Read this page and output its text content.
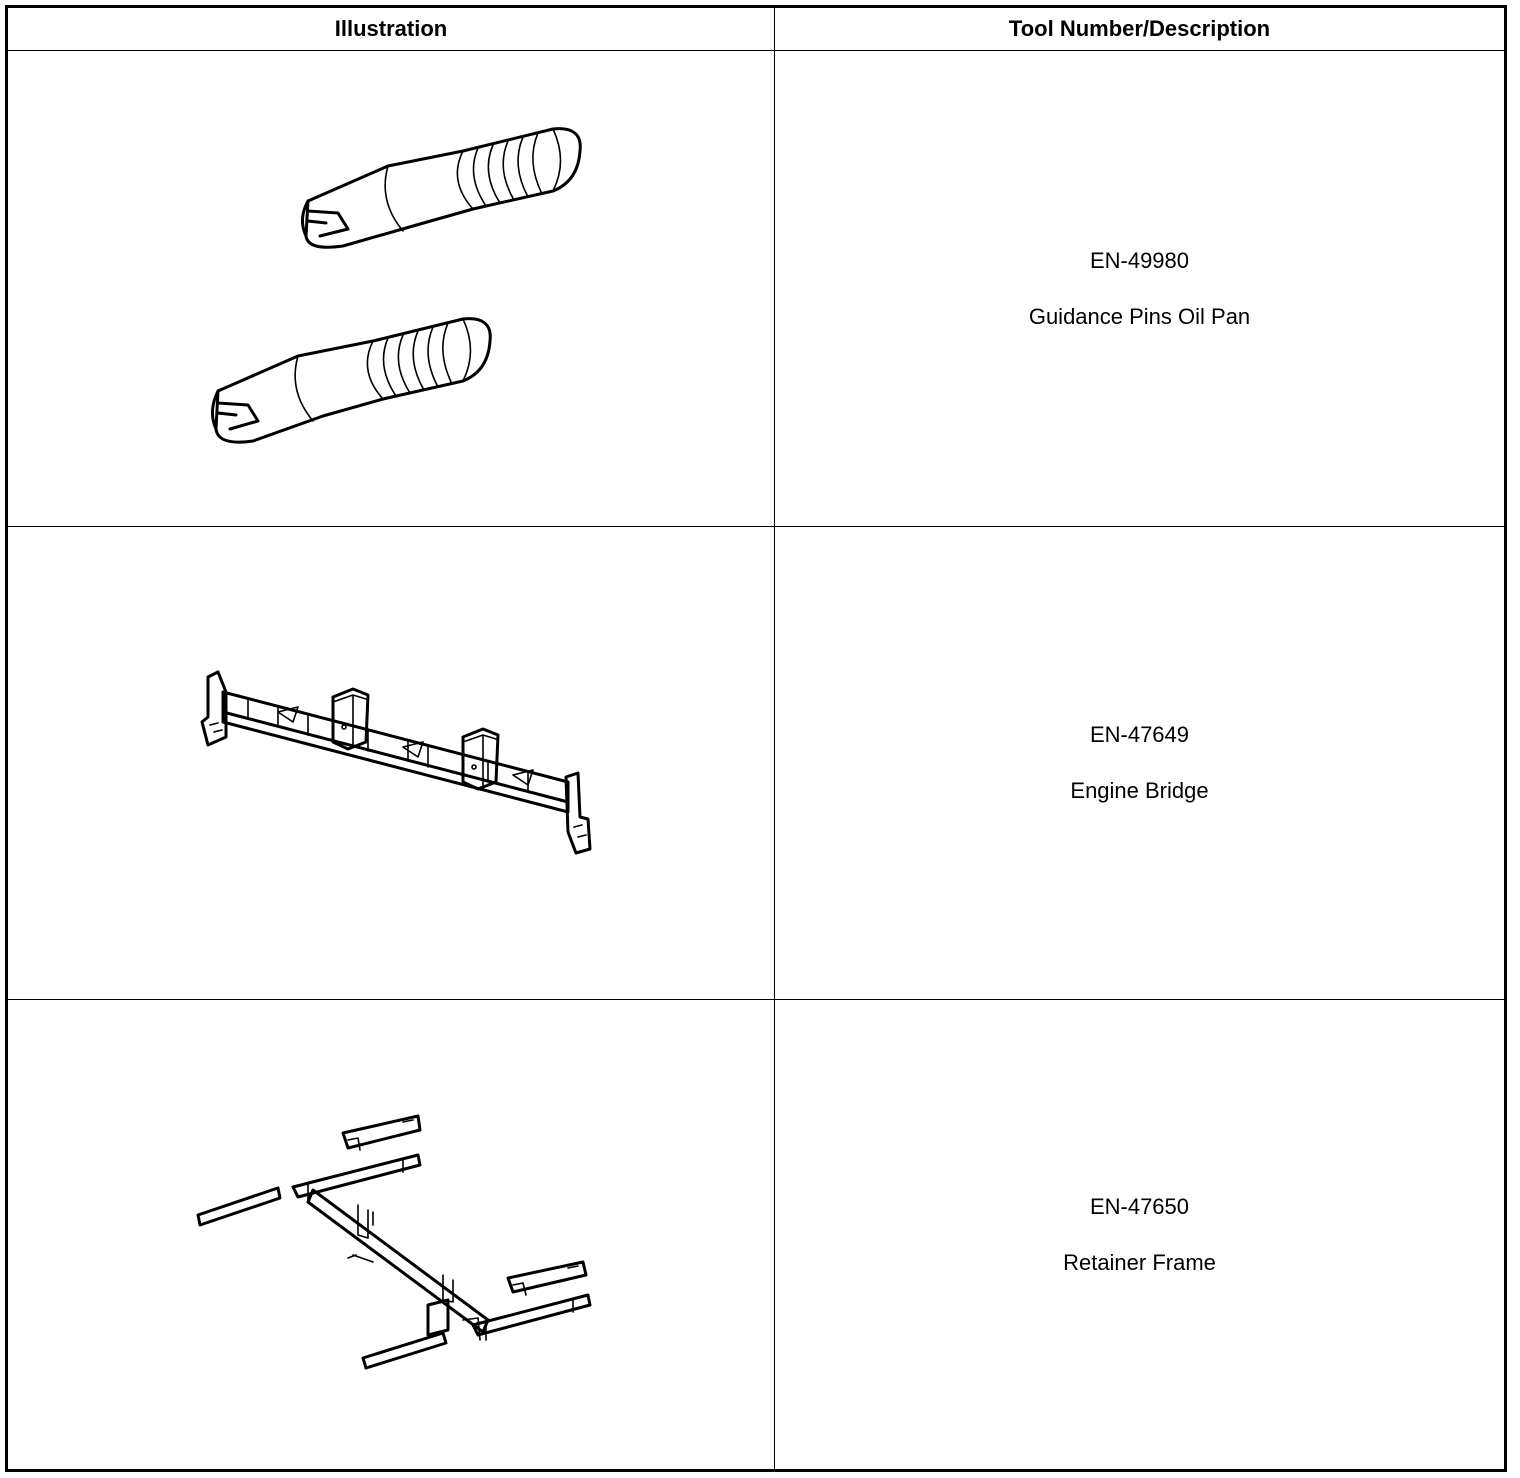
Illustration	Tool Number/Description
EN-49980
Guidance Pins Oil Pan
EN-47649
Engine Bridge
EN-47650
Retainer Frame
